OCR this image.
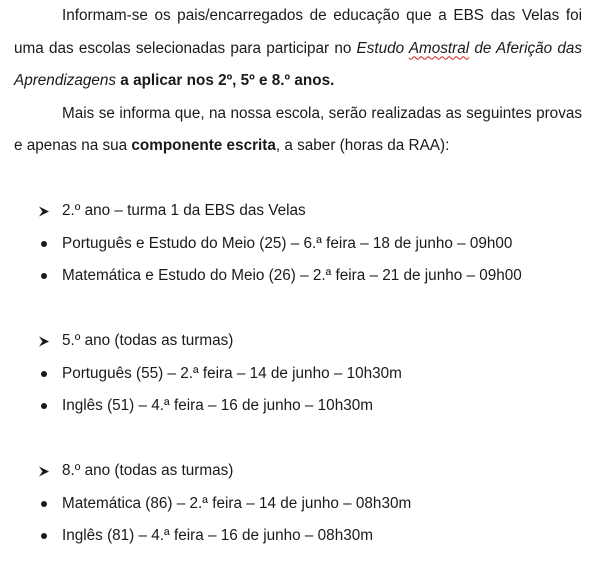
Informam-se os pais/encarregados de educação que a EBS das Velas foi uma das escolas selecionadas para participar no Estudo Amostral de Aferição das Aprendizagens a aplicar nos 2º, 5º e 8.º anos.

Mais se informa que, na nossa escola, serão realizadas as seguintes provas e apenas na sua componente escrita, a saber (horas da RAA):

2.º ano – turma 1 da EBS das Velas
Português e Estudo do Meio (25) – 6.ª feira – 18 de junho – 09h00
Matemática e Estudo do Meio (26) – 2.ª feira – 21 de junho – 09h00
5.º ano (todas as turmas)
Português (55) – 2.ª feira – 14 de junho – 10h30m
Inglês (51) – 4.ª feira – 16 de junho – 10h30m
8.º ano (todas as turmas)
Matemática (86) – 2.ª feira – 14 de junho – 08h30m
Inglês (81) – 4.ª feira – 16 de junho – 08h30m
